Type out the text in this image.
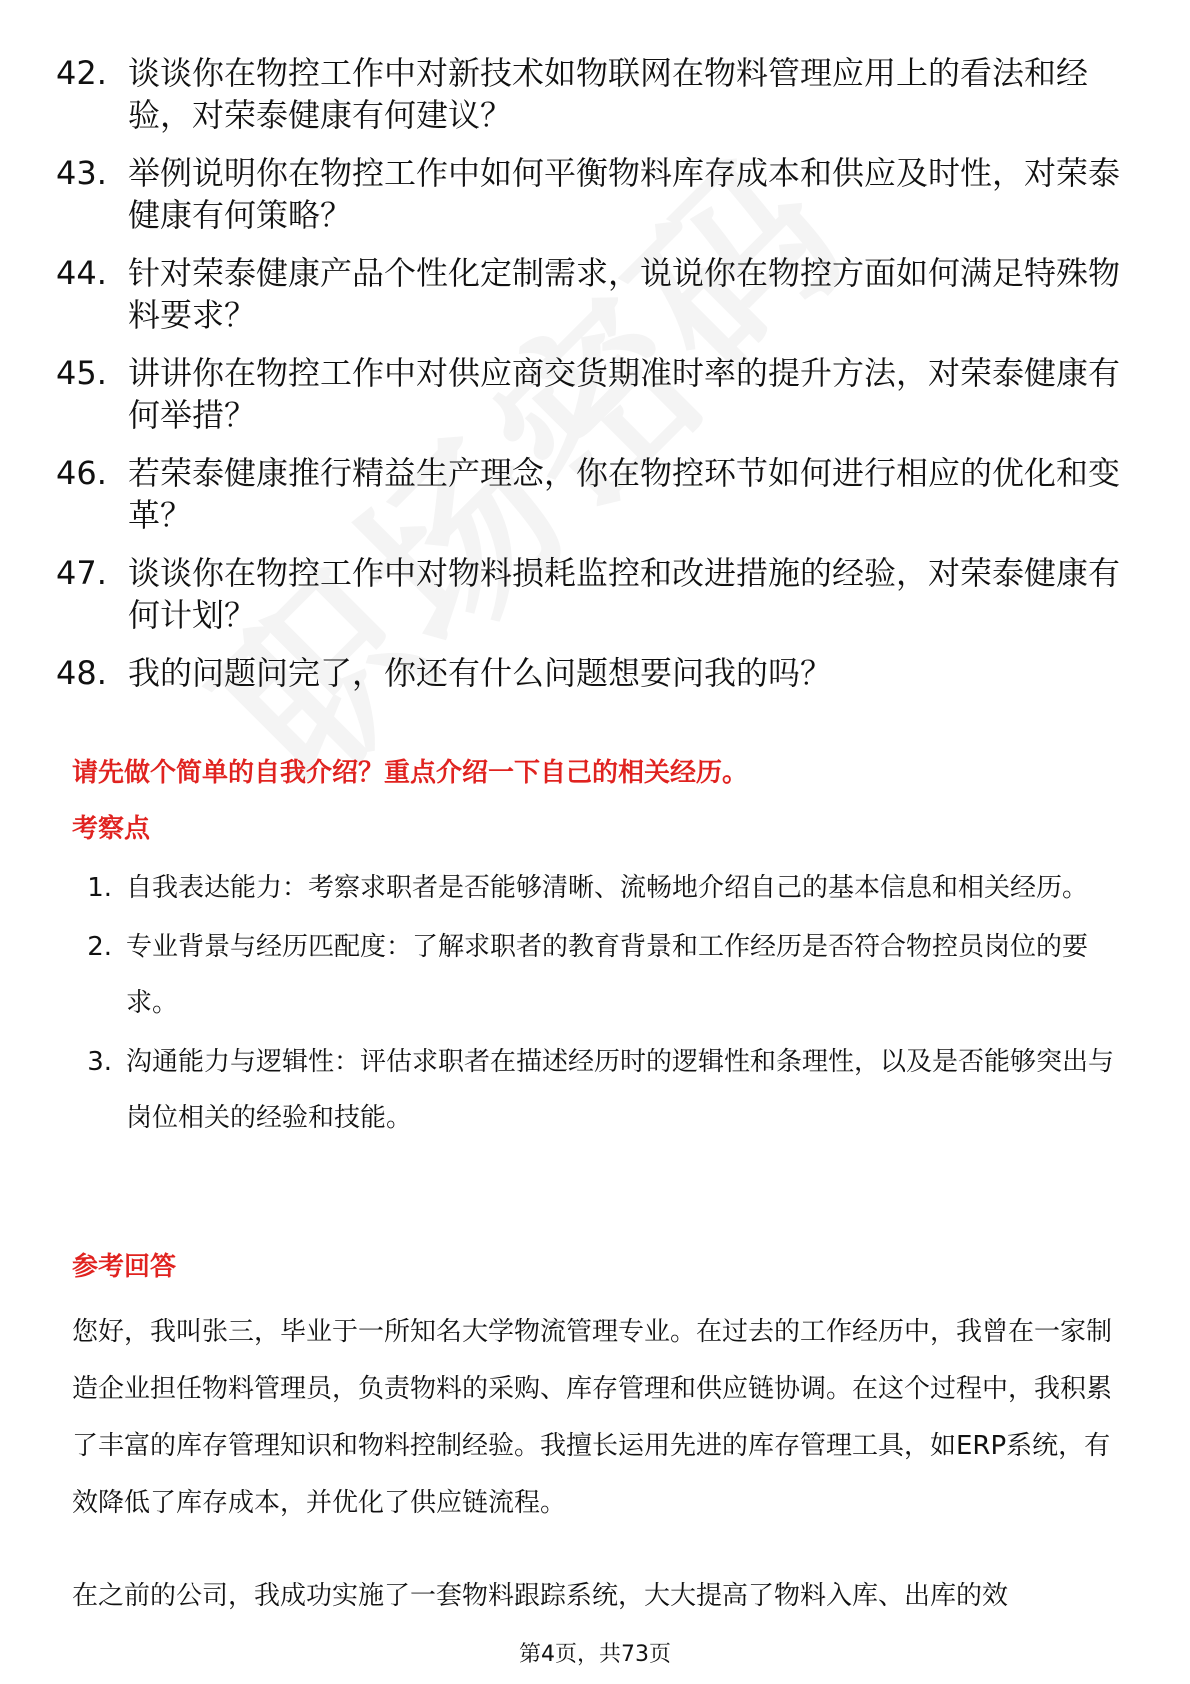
42. 谈谈你在物控工作中对新技术如物联网在物料管理应用上的看法和经验，对荣泰健康有何建议？
43. 举例说明你在物控工作中如何平衡物料库存成本和供应及时性，对荣泰健康有何策略？
44. 针对荣泰健康产品个性化定制需求，说说你在物控方面如何满足特殊物料要求？
45. 讲讲你在物控工作中对供应商交货期准时率的提升方法，对荣泰健康有何举措？
46. 若荣泰健康推行精益生产理念，你在物控环节如何进行相应的优化和变革？
47. 谈谈你在物控工作中对物料损耗监控和改进措施的经验，对荣泰健康有何计划？
48. 我的问题问完了，你还有什么问题想要问我的吗？
请先做个简单的自我介绍？重点介绍一下自己的相关经历。
考察点
1. 自我表达能力：考察求职者是否能够清晰、流畅地介绍自己的基本信息和相关经历。
2. 专业背景与经历匹配度：了解求职者的教育背景和工作经历是否符合物控员岗位的要求。
3. 沟通能力与逻辑性：评估求职者在描述经历时的逻辑性和条理性，以及是否能够突出与岗位相关的经验和技能。
参考回答

您好，我叫张三，毕业于一所知名大学物流管理专业。在过去的工作经历中，我曾在一家制造企业担任物料管理员，负责物料的采购、库存管理和供应链协调。在这个过程中，我积累了丰富的库存管理知识和物料控制经验。我擅长运用先进的库存管理工具，如ERP系统，有效降低了库存成本，并优化了供应链流程。

在之前的公司，我成功实施了一套物料跟踪系统，大大提高了物料入库、出库的效

第4页，共73页
